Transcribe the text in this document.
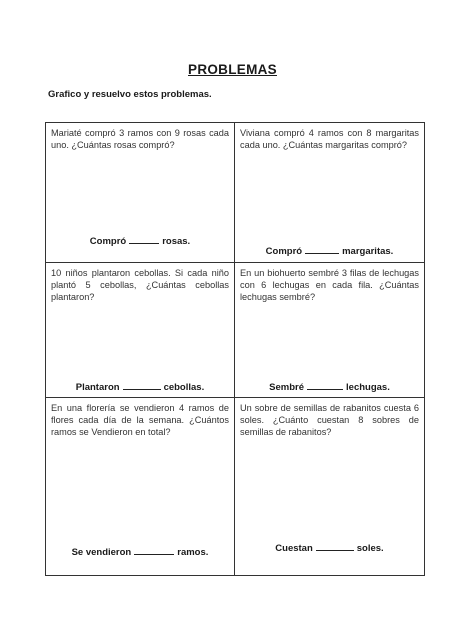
PROBLEMAS
Grafico y resuelvo estos problemas.

Mariaté compró 3 ramos con 9 rosas cada uno. ¿Cuántas rosas compró?

Compró	rosas.

Viviana compró 4 ramos con 8 margaritas cada uno. ¿Cuántas margaritas compró?

Compró	margaritas.

10 niños plantaron cebollas. Si cada niño plantó 5 cebollas, ¿Cuántas cebollas plantaron?

Plantaron	cebollas.

En un biohuerto sembré 3 filas de lechugas con 6 lechugas en cada fila. ¿Cuántas lechugas sembré?

Sembré	lechugas.

En una florería se vendieron 4 ramos de flores cada día de la semana. ¿Cuántos ramos se Vendieron en total?

Se vendieron	ramos.

Un sobre de semillas de rabanitos cuesta 6 soles. ¿Cuánto cuestan 8 sobres de semillas de rabanitos?

Cuestan	soles.
